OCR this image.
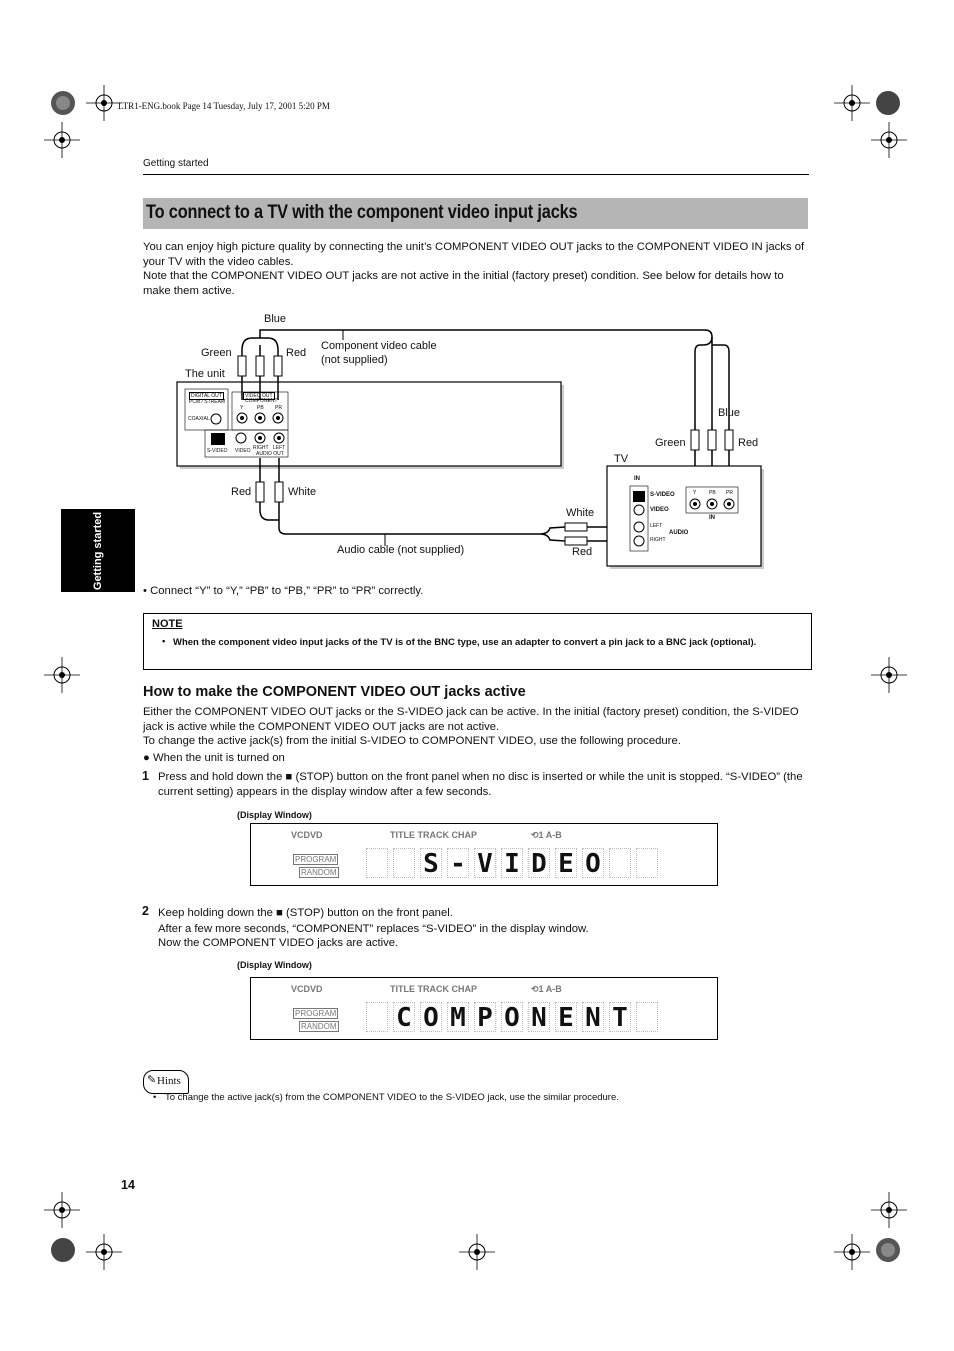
LTR1-ENG.book Page 14 Tuesday, July 17, 2001 5:20 PM
Getting started
Getting started
To connect to a TV with the component video input jacks
You can enjoy high picture quality by connecting the unit’s COMPONENT VIDEO OUT jacks to the COMPONENT VIDEO IN jacks of your TV with the video cables.
Note that the COMPONENT VIDEO OUT jacks are not active in the initial (factory preset) condition. See below for details how to make them active.
Blue
Green	Red
The unit
Component video cable
(not supplied)
Blue
Green	Red
TV
Red	White
White
Red
Audio cable (not supplied)
DIGITAL OUT
PCM / STREAM
COAXIAL
VIDEO OUT
COMPONENT
Y	PB PR
S-VIDEO VIDEO RIGHT LEFT
AUDIO OUT
IN
S-VIDEO
VIDEO
LEFT
AUDIO
RIGHT
Y	PB PR
IN
• Connect “Y” to “Y,” “PB” to “PB,” “PR” to “PR” correctly.
NOTE
• When the component video input jacks of the TV is of the BNC type, use an adapter to convert a pin jack to a BNC jack (optional).
How to make the COMPONENT VIDEO OUT jacks active
Either the COMPONENT VIDEO OUT jacks or the S-VIDEO jack can be active. In the initial (factory preset) condition, the S-VIDEO jack is active while the COMPONENT VIDEO OUT jacks are not active.
To change the active jack(s) from the initial S-VIDEO to COMPONENT VIDEO, use the following procedure.
● When the unit is turned on
1 Press and hold down the ■ (STOP) button on the front panel when no disc is inserted or while the unit is stopped. “S-VIDEO” (the current setting) appears in the display window after a few seconds.
(Display Window)
VCDVD	TITLE TRACK CHAP	⟲1 A-B
PROGRAM
RANDOM	S - V I D E O
2 Keep holding down the ■ (STOP) button on the front panel.
After a few more seconds, “COMPONENT” replaces “S-VIDEO” in the display window.
Now the COMPONENT VIDEO jacks are active.
(Display Window)
VCDVD	TITLE TRACK CHAP	⟲1 A-B
PROGRAM
RANDOM C O M P O N E N T
✎ Hints
• To change the active jack(s) from the COMPONENT VIDEO to the S-VIDEO jack, use the similar procedure.
14
